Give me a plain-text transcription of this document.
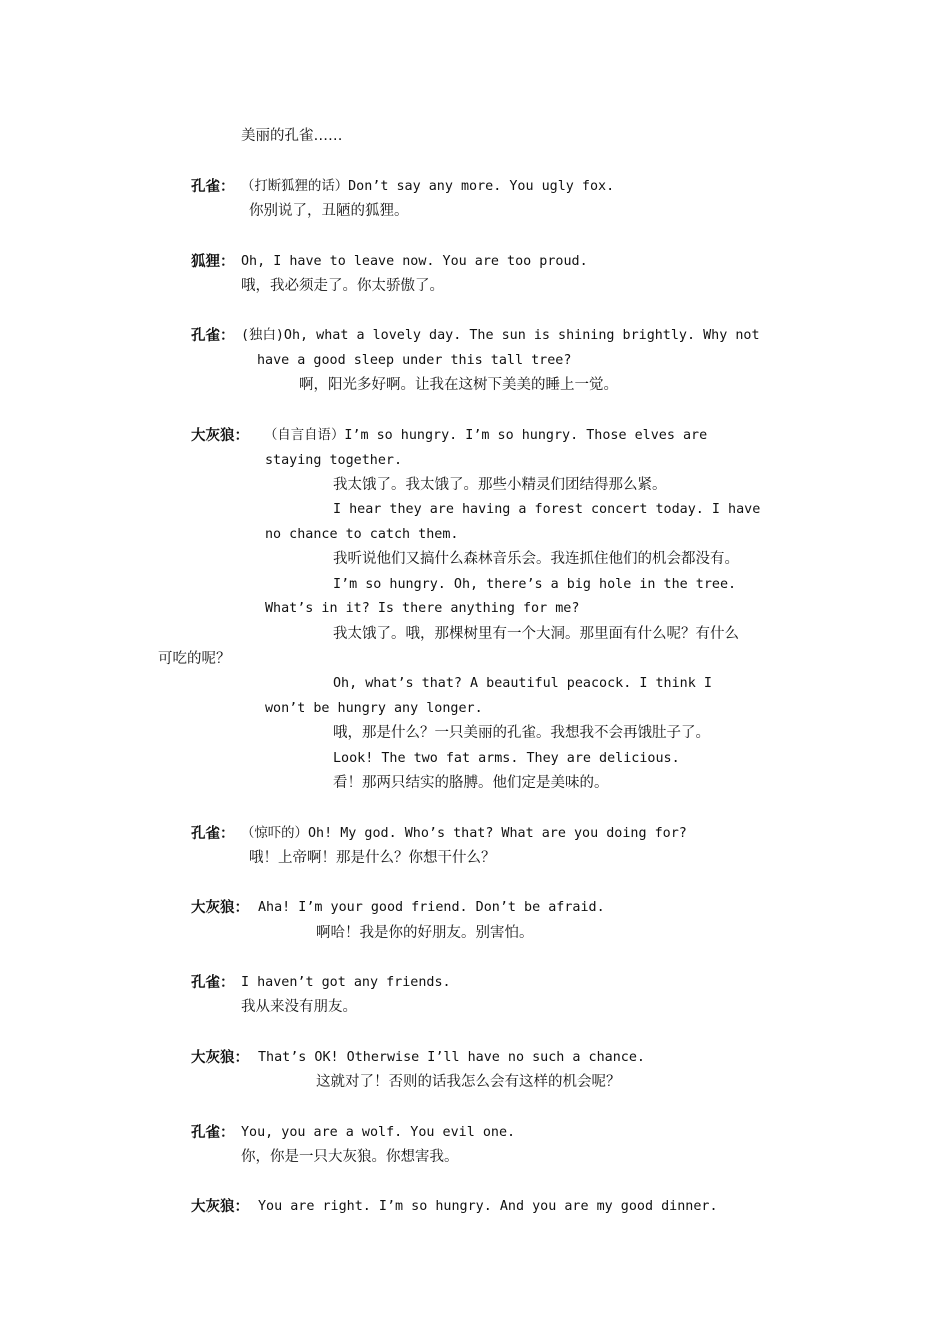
美丽的孔雀……
孔雀： （打断狐狸的话）Don’t say any more. You ugly fox.
你别说了，丑陋的狐狸。
狐狸： Oh, I have to leave now. You are too proud.
哦，我必须走了。你太骄傲了。
孔雀： (独白)Oh, what a lovely day. The sun is shining brightly. Why not
have a good sleep under this tall tree?
啊，阳光多好啊。让我在这树下美美的睡上一觉。
大灰狼： （自言自语）I’m so hungry. I’m so hungry. Those elves are
staying together.
我太饿了。我太饿了。那些小精灵们团结得那么紧。
I hear they are having a forest concert today. I have
no chance to catch them.
我听说他们又搞什么森林音乐会。我连抓住他们的机会都没有。
I’m so hungry. Oh, there’s a big hole in the tree.
What’s in it? Is there anything for me?
我太饿了。哦，那棵树里有一个大洞。那里面有什么呢？有什么
可吃的呢？
Oh, what’s that? A beautiful peacock. I think I
won’t be hungry any longer.
哦，那是什么？一只美丽的孔雀。我想我不会再饿肚子了。
Look! The two fat arms. They are delicious.
看！那两只结实的胳膊。他们定是美味的。
孔雀： （惊吓的）Oh! My god. Who’s that? What are you doing for?
哦！上帝啊！那是什么？你想干什么？
大灰狼： Aha! I’m your good friend. Don’t be afraid.
啊哈！我是你的好朋友。别害怕。
孔雀： I haven’t got any friends.
我从来没有朋友。
大灰狼： That’s OK! Otherwise I’ll have no such a chance.
这就对了！否则的话我怎么会有这样的机会呢？
孔雀： You, you are a wolf. You evil one.
你，你是一只大灰狼。你想害我。
大灰狼： You are right. I’m so hungry. And you are my good dinner.
